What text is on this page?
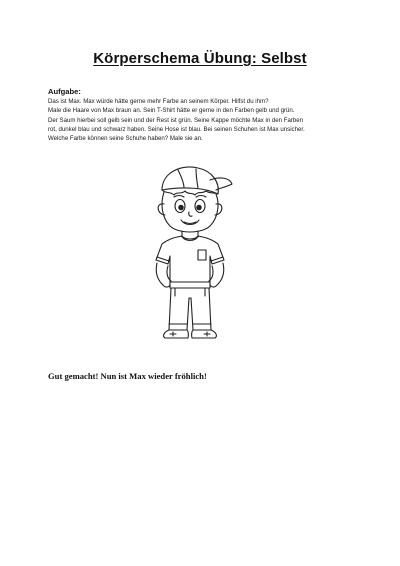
Körperschema Übung: Selbst
Aufgabe:

Das ist Max. Max würde hätte gerne mehr Farbe an seinem Körper. Hilfst du ihm?

Male die Haare von Max braun an. Sein T-Shirt hätte er gerne in den Farben gelb und grün.

Der Saum hierbei soll gelb sein und der Rest ist grün. Seine Kappe möchte Max in den Farben

rot, dunkel blau und schwarz haben. Seine Hose ist blau. Bei seinen Schuhen ist Max unsicher.

Welche Farbe können seine Schuhe haben? Male sie an.

Gut gemacht! Nun ist Max wieder fröhlich!
